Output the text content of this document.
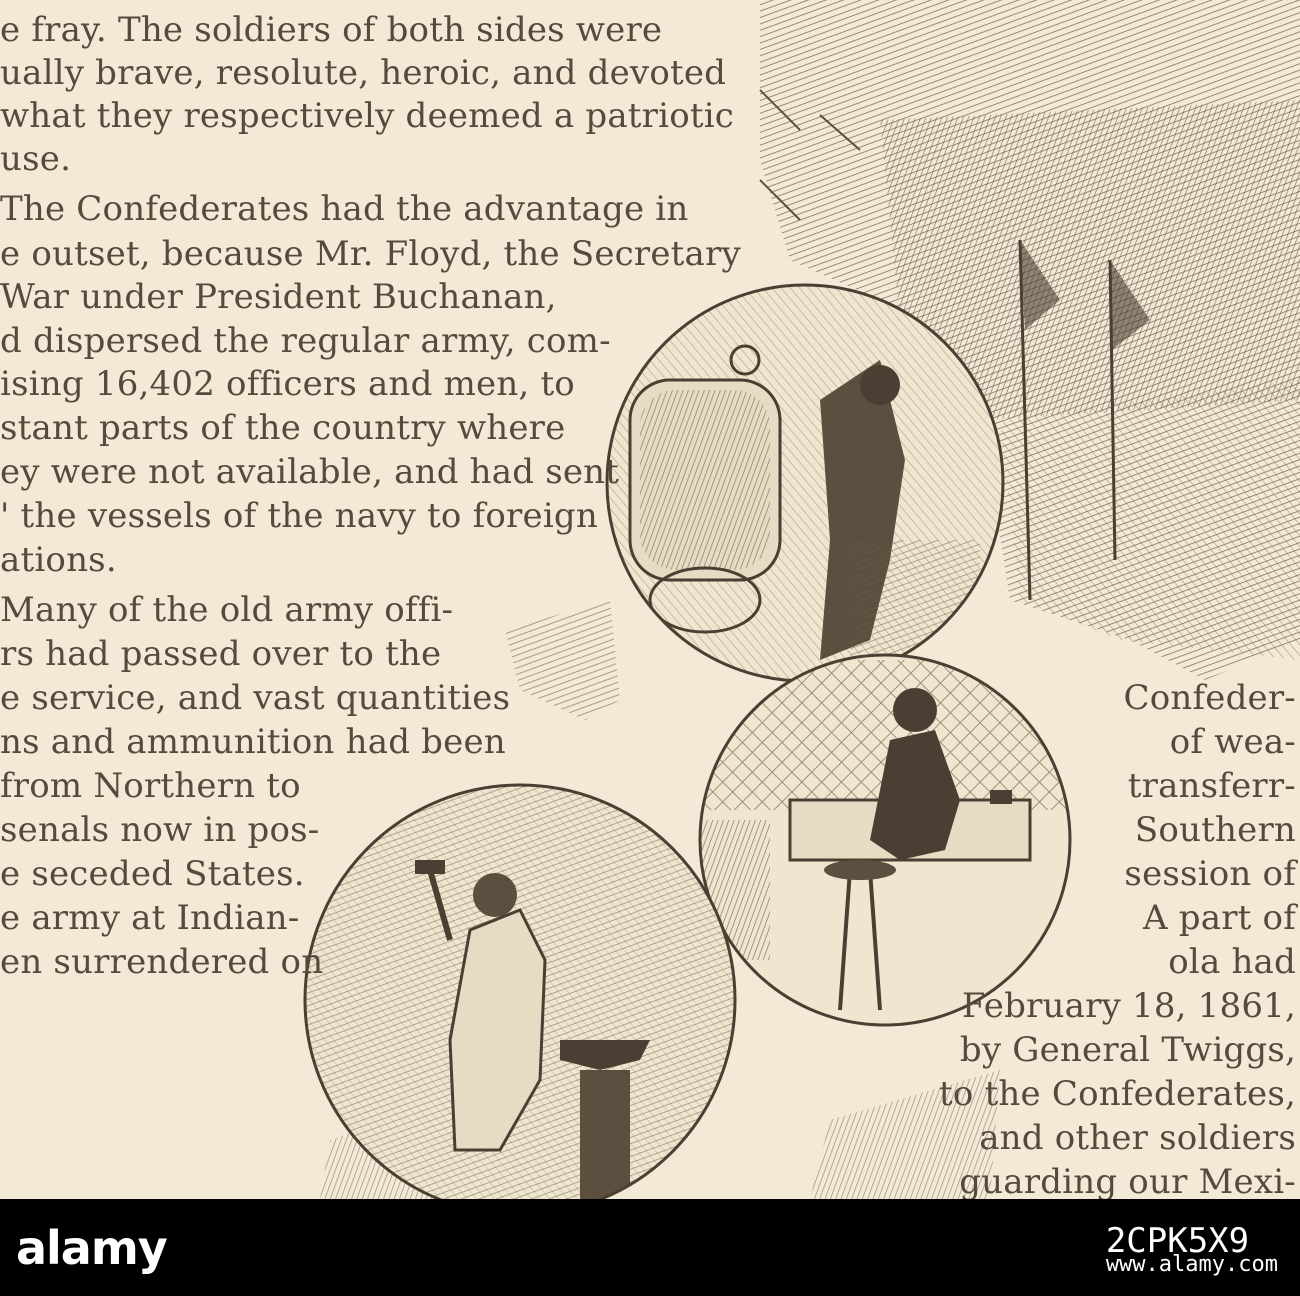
e fray. The soldiers of both sides were
ually brave, resolute, heroic, and devoted
what they respectively deemed a patriotic
use.
The Confederates had the advantage in
e outset, because Mr. Floyd, the Secretary
War under President Buchanan,
d dispersed the regular army, com-
ising 16,402 officers and men, to
stant parts of the country where
ey were not available, and had sent
' the vessels of the navy to foreign
ations.
Many of the old army offi-
rs had passed over to the
e service, and vast quantities
ns and ammunition had been
from Northern to
senals now in pos-
e seceded States.
e army at Indian-
en surrendered on
Confeder-
of wea-
transferr-
Southern
session of
A part of
ola had
February 18, 1861,
by General Twiggs,
to the Confederates,
and other soldiers
guarding our Mexi-
alamy	2CPK5X9
www.alamy.com
